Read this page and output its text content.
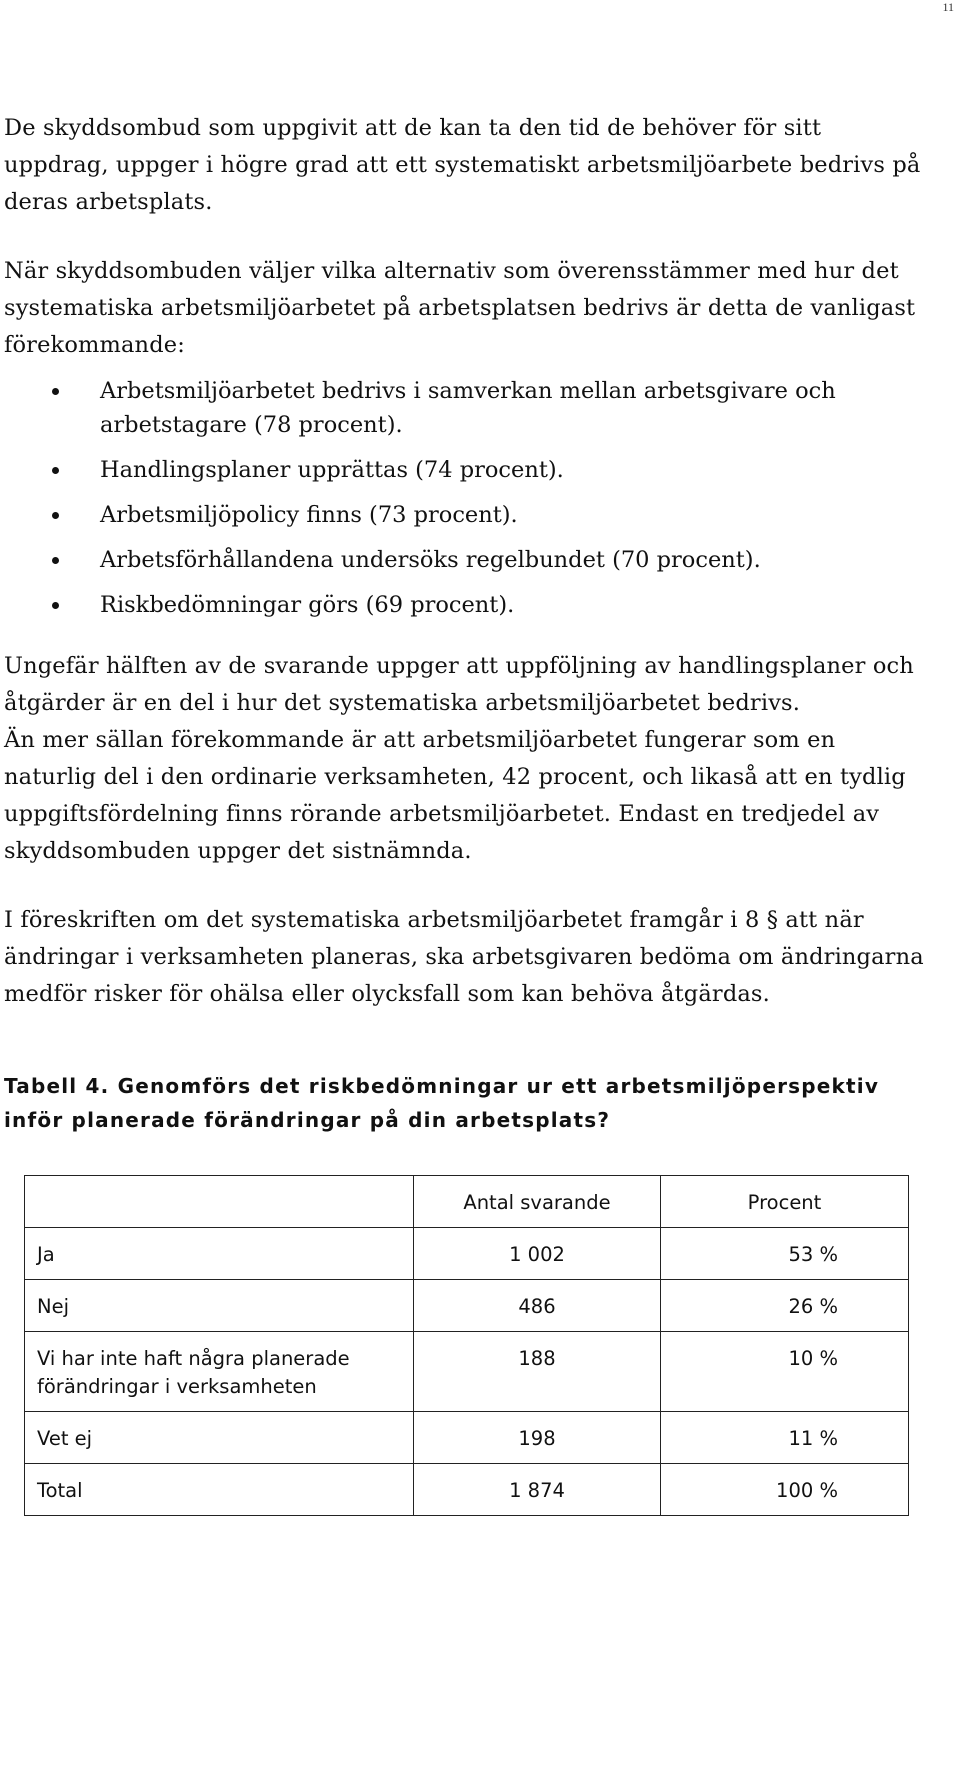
11

De skyddsombud som uppgivit att de kan ta den tid de behöver för sitt uppdrag, uppger i högre grad att ett systematiskt arbetsmiljöarbete bedrivs på deras arbetsplats.

När skyddsombuden väljer vilka alternativ som överensstämmer med hur det systematiska arbetsmiljöarbetet på arbetsplatsen bedrivs är detta de vanligast förekommande:

Arbetsmiljöarbetet bedrivs i samverkan mellan arbetsgivare och arbetstagare (78 procent).
Handlingsplaner upprättas (74 procent).
Arbetsmiljöpolicy finns (73 procent).
Arbetsförhållandena undersöks regelbundet (70 procent).
Riskbedömningar görs (69 procent).

Ungefär hälften av de svarande uppger att uppföljning av handlingsplaner och åtgärder är en del i hur det systematiska arbetsmiljöarbetet bedrivs.

Än mer sällan förekommande är att arbetsmiljöarbetet fungerar som en naturlig del i den ordinarie verksamheten, 42 procent, och likaså att en tydlig uppgiftsfördelning finns rörande arbetsmiljöarbetet. Endast en tredjedel av skyddsombuden uppger det sistnämnda.

I föreskriften om det systematiska arbetsmiljöarbetet framgår i 8 § att när ändringar i verksamheten planeras, ska arbetsgivaren bedöma om ändringarna medför risker för ohälsa eller olycksfall som kan behöva åtgärdas.

Tabell 4. Genomförs det riskbedömningar ur ett arbetsmiljöperspektiv inför planerade förändringar på din arbetsplats?

	Antal svarande	Procent
Ja	1 002	53 %
Nej	486	26 %
Vi har inte haft några planerade förändringar i verksamheten	188	10 %
Vet ej	198	11 %
Total	1 874	100 %
